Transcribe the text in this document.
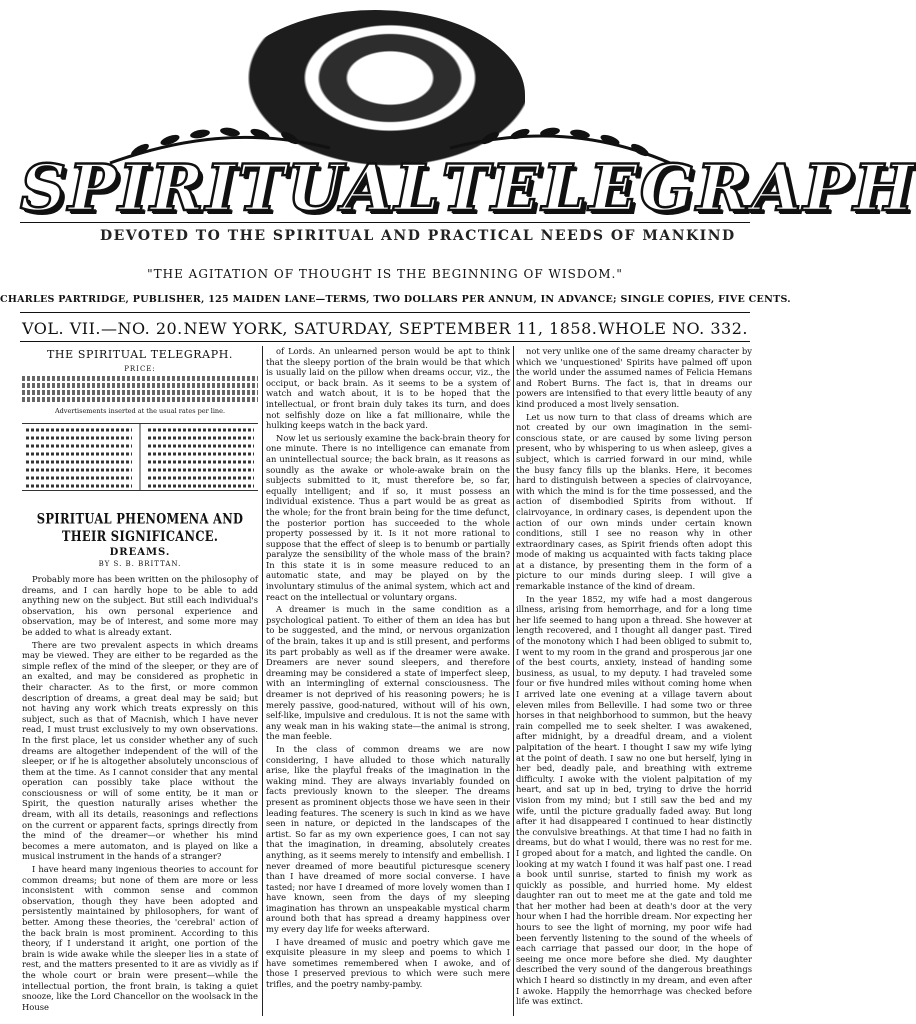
SPIRITUAL TELEGRAPH
DEVOTED TO THE SPIRITUAL AND PRACTICAL NEEDS OF MANKIND
"THE AGITATION OF THOUGHT IS THE BEGINNING OF WISDOM."
CHARLES PARTRIDGE, PUBLISHER, 125 MAIDEN LANE—TERMS, TWO DOLLARS PER ANNUM, IN ADVANCE; SINGLE COPIES, FIVE CENTS.
VOL. VII.—NO. 20. NEW YORK, SATURDAY, SEPTEMBER 11, 1858. WHOLE NO. 332.
THE SPIRITUAL TELEGRAPH.
PRICE:
Advertisements inserted at the usual rates per line.
SPIRITUAL PHENOMENA AND THEIR SIGNIFICANCE.
DREAMS.
BY S. B. BRITTAN.

Probably more has been written on the philosophy of dreams, and I can hardly hope to be able to add anything new on the subject. But still each individual's observation, his own personal experience and observation, may be of interest, and some more may be added to what is already extant.

There are two prevalent aspects in which dreams may be viewed. They are either to be regarded as the simple reflex of the mind of the sleeper, or they are of an exalted, and may be considered as prophetic in their character. As to the first, or more common description of dreams, a great deal may be said; but not having any work which treats expressly on this subject, such as that of Macnish, which I have never read, I must trust exclusively to my own observations. In the first place, let us consider whether any of such dreams are altogether independent of the will of the sleeper, or if he is altogether absolutely unconscious of them at the time. As I cannot consider that any mental operation can possibly take place without the consciousness or will of some entity, be it man or Spirit, the question naturally arises whether the dream, with all its details, reasonings and reflections on the current or apparent facts, springs directly from the mind of the dreamer—or whether his mind becomes a mere automaton, and is played on like a musical instrument in the hands of a stranger?

I have heard many ingenious theories to account for common dreams; but none of them are more or less inconsistent with common sense and common observation, though they have been adopted and persistently maintained by philosophers, for want of better. Among these theories, the 'cerebral' action of the back brain is most prominent. According to this theory, if I understand it aright, one portion of the brain is wide awake while the sleeper lies in a state of rest, and the matters presented to it are as vividly as if the whole court or brain were present—while the intellectual portion, the front brain, is taking a quiet snooze, like the Lord Chancellor on the woolsack in the House

of Lords. An unlearned person would be apt to think that the sleepy portion of the brain would be that which is usually laid on the pillow when dreams occur, viz., the occiput, or back brain. As it seems to be a system of watch and watch about, it is to be hoped that the intellectual, or front brain duly takes its turn, and does not selfishly doze on like a fat millionaire, while the hulking keeps watch in the back yard.

Now let us seriously examine the back-brain theory for one minute. There is no intelligence can emanate from an unintellectual source; the back brain, as it reasons as soundly as the awake or whole-awake brain on the subjects submitted to it, must therefore be, so far, equally intelligent; and if so, it must possess an individual existence. Thus a part would be as great as the whole; for the front brain being for the time defunct, the posterior portion has succeeded to the whole property possessed by it. Is it not more rational to suppose that the effect of sleep is to benumb or partially paralyze the sensibility of the whole mass of the brain? In this state it is in some measure reduced to an automatic state, and may be played on by the involuntary stimulus of the animal system, which act and react on the intellectual or voluntary organs.

A dreamer is much in the same condition as a psychological patient. To either of them an idea has but to be suggested, and the mind, or nervous organization of the brain, takes it up and is still present, and performs its part probably as well as if the dreamer were awake. Dreamers are never sound sleepers, and therefore dreaming may be considered a state of imperfect sleep, with an intermingling of external consciousness. The dreamer is not deprived of his reasoning powers; he is merely passive, good-natured, without will of his own, self-like, impulsive and credulous. It is not the same with any weak man in his waking state—the animal is strong, the man feeble.

In the class of common dreams we are now considering, I have alluded to those which naturally arise, like the playful freaks of the imagination in the waking mind. They are always invariably founded on facts previously known to the sleeper. The dreams present as prominent objects those we have seen in their leading features. The scenery is such in kind as we have seen in nature, or depicted in the landscapes of the artist. So far as my own experience goes, I can not say that the imagination, in dreaming, absolutely creates anything, as it seems merely to intensify and embellish. I never dreamed of more beautiful picturesque scenery than I have dreamed of more social converse. I have tasted; nor have I dreamed of more lovely women than I have known, seen from the days of my sleeping imagination has thrown an unspeakable mystical charm around both that has spread a dreamy happiness over my every day life for weeks afterward.

I have dreamed of music and poetry which gave me exquisite pleasure in my sleep and poems to which I have sometimes remembered when I awoke, and of those I preserved previous to which were such mere trifles, and the poetry namby-pamby.

not very unlike one of the same dreamy character by which we 'unquestioned' Spirits have palmed off upon the world under the assumed names of Felicia Hemans and Robert Burns. The fact is, that in dreams our powers are intensified to that every little beauty of any kind produced a most lively sensation.

Let us now turn to that class of dreams which are not created by our own imagination in the semi-conscious state, or are caused by some living person present, who by whispering to us when asleep, gives a subject, which is carried forward in our mind, while the busy fancy fills up the blanks. Here, it becomes hard to distinguish between a species of clairvoyance, with which the mind is for the time possessed, and the action of disembodied Spirits from without. If clairvoyance, in ordinary cases, is dependent upon the action of our own minds under certain known conditions, still I see no reason why in other extraordinary cases, as Spirit friends often adopt this mode of making us acquainted with facts taking place at a distance, by presenting them in the form of a picture to our minds during sleep. I will give a remarkable instance of the kind of dream.

In the year 1852, my wife had a most dangerous illness, arising from hemorrhage, and for a long time her life seemed to hang upon a thread. She however at length recovered, and I thought all danger past. Tired of the monotony which I had been obliged to submit to, I went to my room in the grand and prosperous jar one of the best courts, anxiety, instead of handing some business, as usual, to my deputy. I had traveled some four or five hundred miles without coming home when I arrived late one evening at a village tavern about eleven miles from Belleville. I had some two or three horses in that neighborhood to summon, but the heavy rain compelled me to seek shelter. I was awakened, after midnight, by a dreadful dream, and a violent palpitation of the heart. I thought I saw my wife lying at the point of death. I saw no one but herself, lying in her bed, deadly pale, and breathing with extreme difficulty. I awoke with the violent palpitation of my heart, and sat up in bed, trying to drive the horrid vision from my mind; but I still saw the bed and my wife, until the picture gradually faded away. But long after it had disappeared I continued to hear distinctly the convulsive breathings. At that time I had no faith in dreams, but do what I would, there was no rest for me. I groped about for a match, and lighted the candle. On looking at my watch I found it was half past one. I read a book until sunrise, started to finish my work as quickly as possible, and hurried home. My eldest daughter ran out to meet me at the gate and told me that her mother had been at death's door at the very hour when I had the horrible dream. Nor expecting her hours to see the light of morning, my poor wife had been fervently listening to the sound of the wheels of each carriage that passed our door, in the hope of seeing me once more before she died. My daughter described the very sound of the dangerous breathings which I heard so distinctly in my dream, and even after I awoke. Happily the hemorrhage was checked before life was extinct.
